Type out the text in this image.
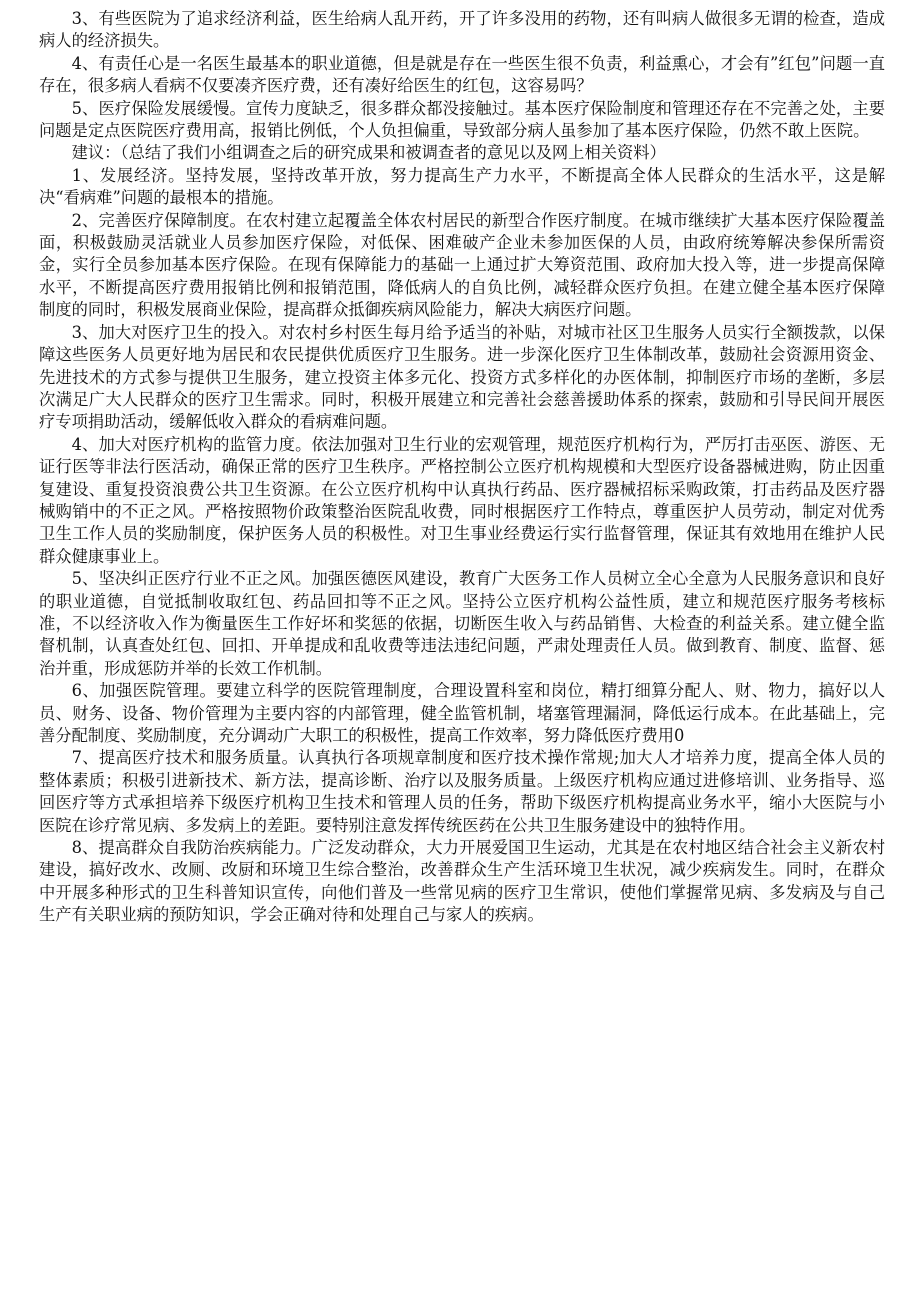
3、有些医院为了追求经济利益，医生给病人乱开药，开了许多没用的药物，还有叫病人做很多无谓的检查，造成病人的经济损失。

4、有责任心是一名医生最基本的职业道德，但是就是存在一些医生很不负责，利益熏心，才会有”红包”问题一直存在，很多病人看病不仅要凑齐医疗费，还有凑好给医生的红包，这容易吗？

5、医疗保险发展缓慢。宣传力度缺乏，很多群众都没接触过。基本医疗保险制度和管理还存在不完善之处，主要问题是定点医院医疗费用高，报销比例低，个人负担偏重，导致部分病人虽参加了基本医疗保险，仍然不敢上医院。

建议：（总结了我们小组调查之后的研究成果和被调查者的意见以及网上相关资料）

1、发展经济。坚持发展，坚持改革开放，努力提高生产力水平，不断提高全体人民群众的生活水平，这是解决“看病难”问题的最根本的措施。

2、完善医疗保障制度。在农村建立起覆盖全体农村居民的新型合作医疗制度。在城市继续扩大基本医疗保险覆盖面，积极鼓励灵活就业人员参加医疗保险，对低保、困难破产企业未参加医保的人员，由政府统筹解决参保所需资金，实行全员参加基本医疗保险。在现有保障能力的基础一上通过扩大筹资范围、政府加大投入等，进一步提高保障水平，不断提高医疗费用报销比例和报销范围，降低病人的自负比例，减轻群众医疗负担。在建立健全基本医疗保障制度的同时，积极发展商业保险，提高群众抵御疾病风险能力，解决大病医疗问题。

3、加大对医疗卫生的投入。对农村乡村医生每月给予适当的补贴，对城市社区卫生服务人员实行全额拨款，以保障这些医务人员更好地为居民和农民提供优质医疗卫生服务。进一步深化医疗卫生体制改革，鼓励社会资源用资金、先进技术的方式参与提供卫生服务，建立投资主体多元化、投资方式多样化的办医体制，抑制医疗市场的垄断，多层次满足广大人民群众的医疗卫生需求。同时，积极开展建立和完善社会慈善援助体系的探索，鼓励和引导民间开展医疗专项捐助活动，缓解低收入群众的看病难问题。

4、加大对医疗机构的监管力度。依法加强对卫生行业的宏观管理，规范医疗机构行为，严厉打击巫医、游医、无证行医等非法行医活动，确保正常的医疗卫生秩序。严格控制公立医疗机构规模和大型医疗设备器械进购，防止因重复建设、重复投资浪费公共卫生资源。在公立医疗机构中认真执行药品、医疗器械招标采购政策，打击药品及医疗器械购销中的不正之风。严格按照物价政策整治医院乱收费，同时根据医疗工作特点，尊重医护人员劳动，制定对优秀卫生工作人员的奖励制度，保护医务人员的积极性。对卫生事业经费运行实行监督管理，保证其有效地用在维护人民群众健康事业上。

5、坚决纠正医疗行业不正之风。加强医德医风建设，教育广大医务工作人员树立全心全意为人民服务意识和良好的职业道德，自觉抵制收取红包、药品回扣等不正之风。坚持公立医疗机构公益性质，建立和规范医疗服务考核标准，不以经济收入作为衡量医生工作好坏和奖惩的依据，切断医生收入与药品销售、大检查的利益关系。建立健全监督机制，认真查处红包、回扣、开单提成和乱收费等违法违纪问题，严肃处理责任人员。做到教育、制度、监督、惩治并重，形成惩防并举的长效工作机制。

6、加强医院管理。要建立科学的医院管理制度，合理设置科室和岗位，精打细算分配人、财、物力，搞好以人员、财务、设备、物价管理为主要内容的内部管理，健全监管机制，堵塞管理漏洞，降低运行成本。在此基础上，完善分配制度、奖励制度，充分调动广大职工的积极性，提高工作效率，努力降低医疗费用0

7、提高医疗技术和服务质量。认真执行各项规章制度和医疗技术操作常规;加大人才培养力度，提高全体人员的整体素质；积极引进新技术、新方法，提高诊断、治疗以及服务质量。上级医疗机构应通过进修培训、业务指导、巡回医疗等方式承担培养下级医疗机构卫生技术和管理人员的任务，帮助下级医疗机构提高业务水平，缩小大医院与小医院在诊疗常见病、多发病上的差距。要特别注意发挥传统医药在公共卫生服务建设中的独特作用。

8、提高群众自我防治疾病能力。广泛发动群众，大力开展爱国卫生运动，尤其是在农村地区结合社会主义新农村建设，搞好改水、改厕、改厨和环境卫生综合整治，改善群众生产生活环境卫生状况，减少疾病发生。同时，在群众中开展多种形式的卫生科普知识宣传，向他们普及一些常见病的医疗卫生常识，使他们掌握常见病、多发病及与自己生产有关职业病的预防知识，学会正确对待和处理自己与家人的疾病。
